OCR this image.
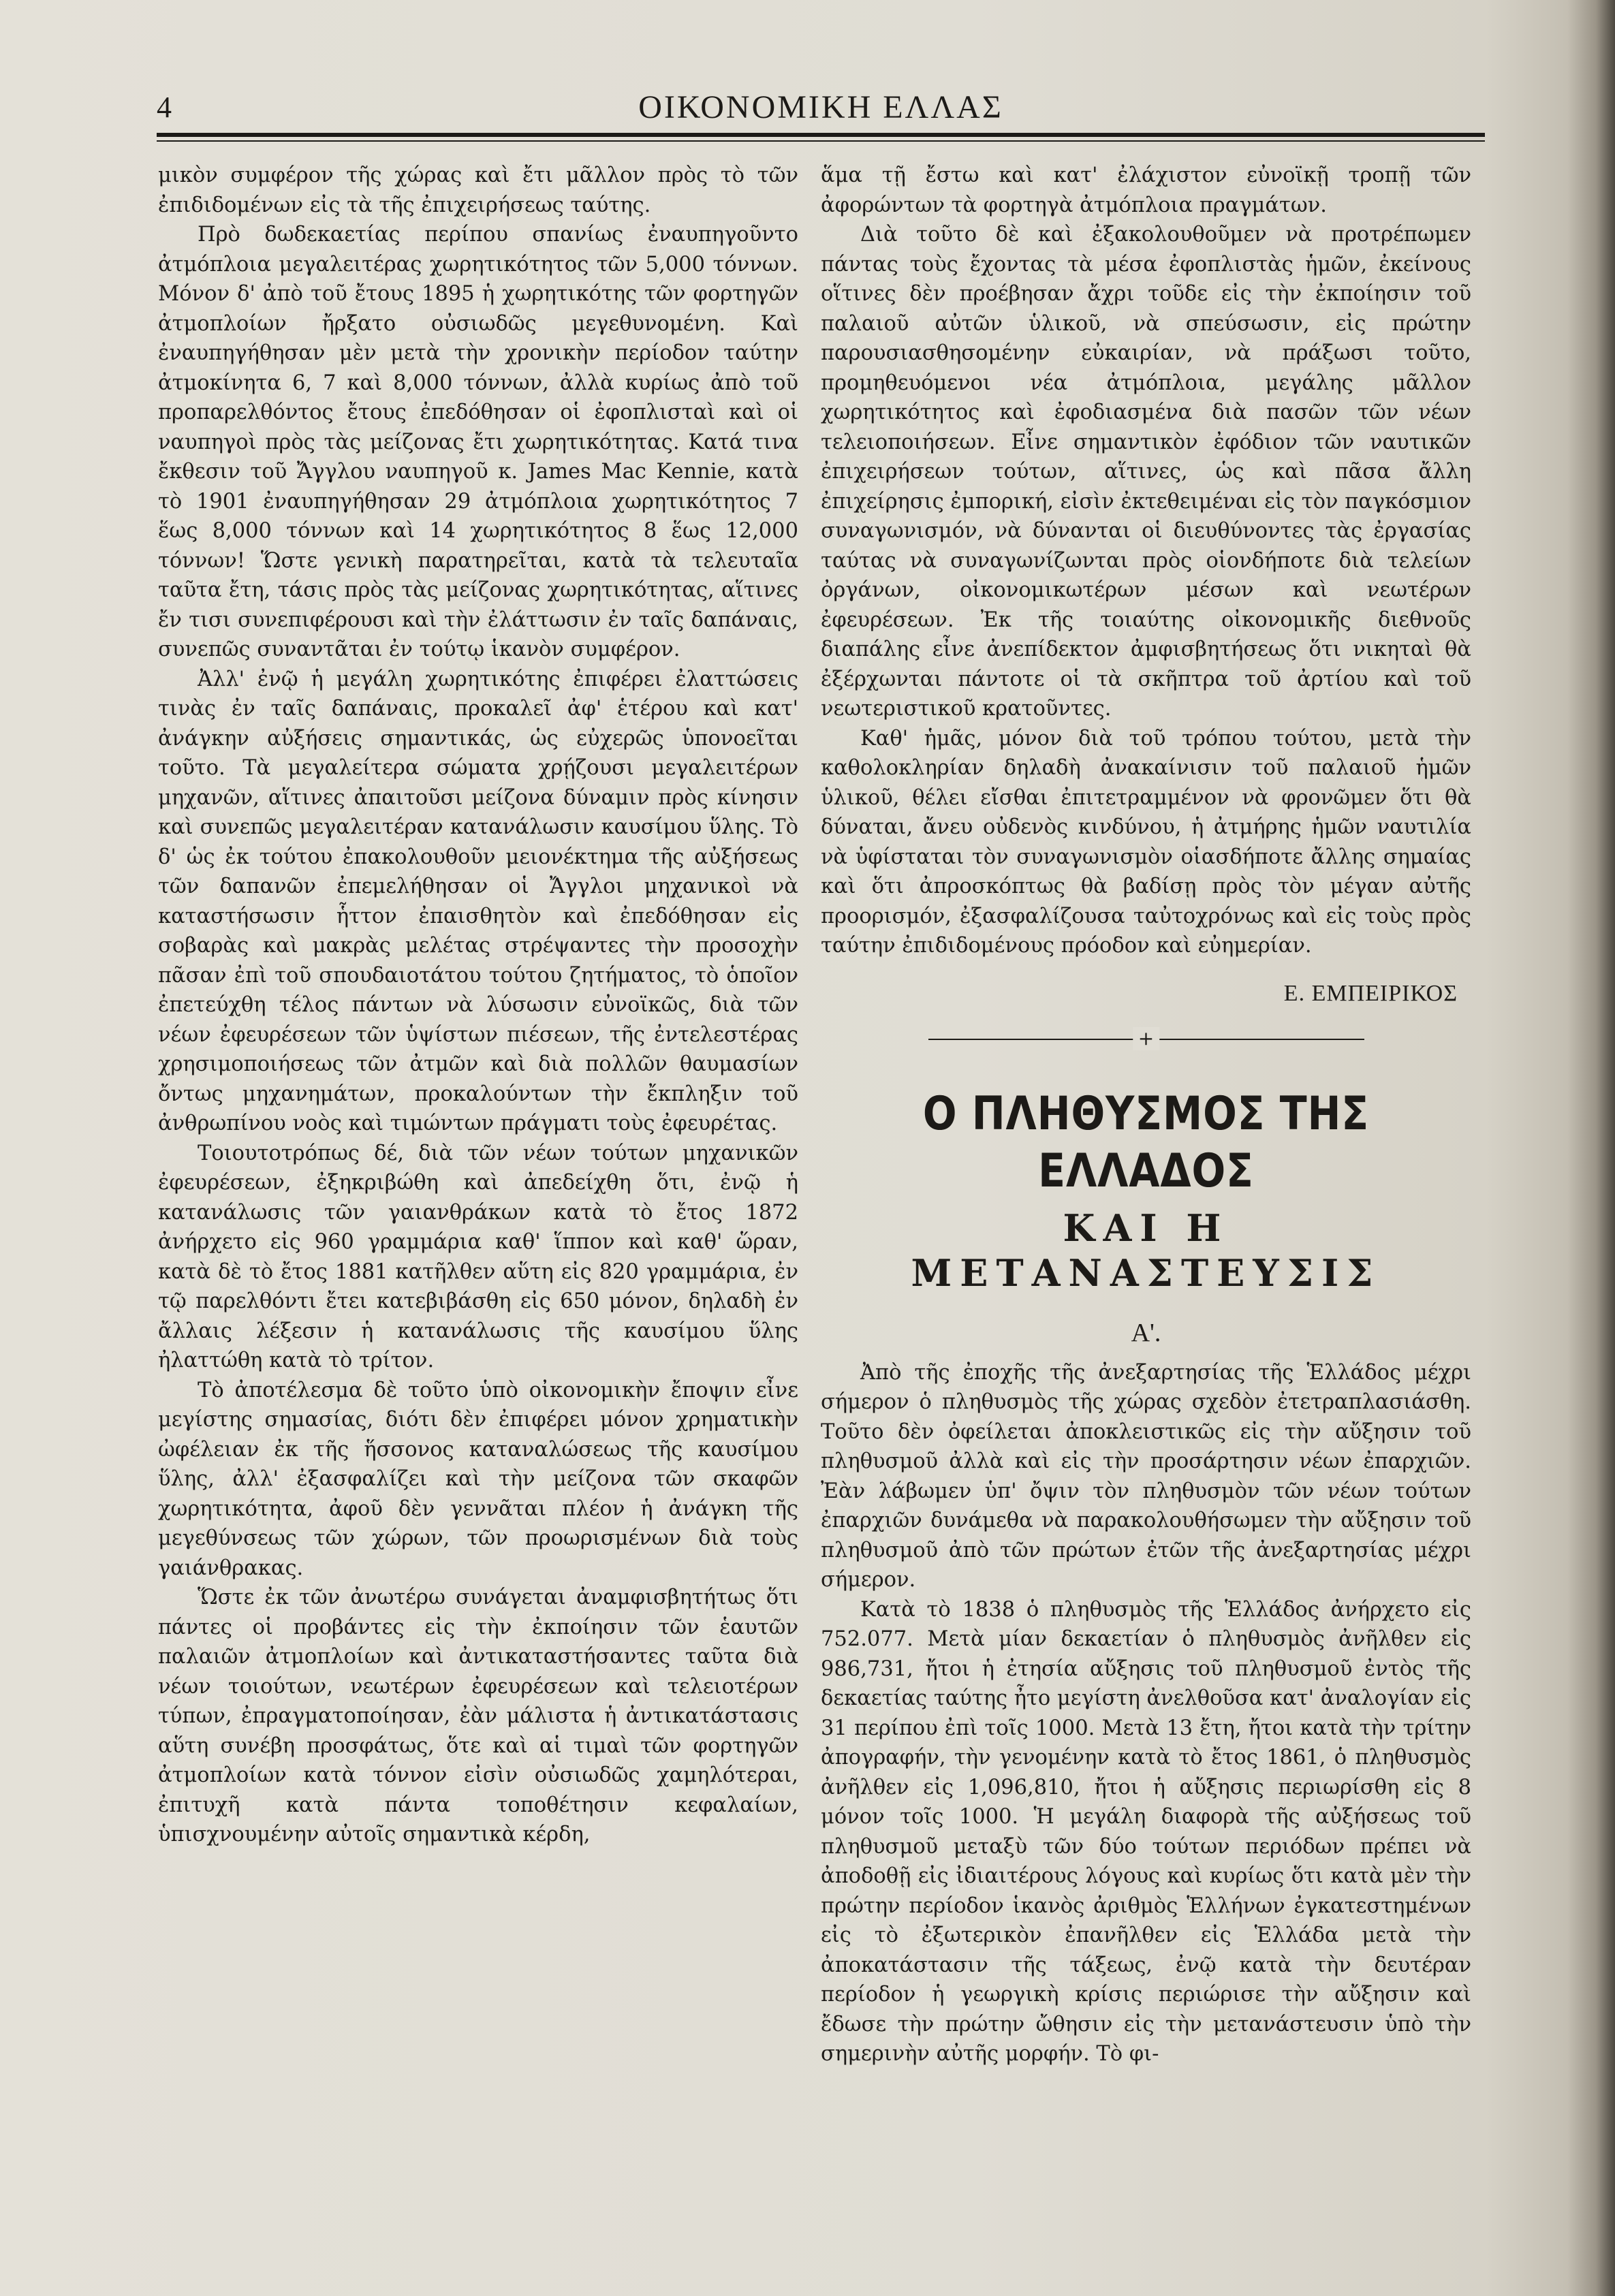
4	ΟΙΚΟΝΟΜΙΚΗ ΕΛΛΑΣ

μικὸν συμφέρον τῆς χώρας καὶ ἔτι μᾶλλον πρὸς τὸ τῶν ἐπιδιδομένων εἰς τὰ τῆς ἐπιχειρήσεως ταύτης.

Πρὸ δωδεκαετίας περίπου σπανίως ἐναυπηγοῦντο ἀτμόπλοια μεγαλειτέρας χωρητικότητος τῶν 5,000 τόννων. Μόνον δ' ἀπὸ τοῦ ἔτους 1895 ἡ χωρητικότης τῶν φορτηγῶν ἀτμοπλοίων ἤρξατο οὐσιωδῶς μεγεθυνομένη. Καὶ ἐναυπηγήθησαν μὲν μετὰ τὴν χρονικὴν περίοδον ταύτην ἀτμοκίνητα 6, 7 καὶ 8,000 τόννων, ἀλλὰ κυρίως ἀπὸ τοῦ προπαρελθόντος ἔτους ἐπεδόθησαν οἱ ἐφοπλισταὶ καὶ οἱ ναυπηγοὶ πρὸς τὰς μείζονας ἔτι χωρητικότητας. Κατά τινα ἔκθεσιν τοῦ Ἄγγλου ναυπηγοῦ κ. James Mac Kennie, κατὰ τὸ 1901 ἐναυπηγήθησαν 29 ἀτμόπλοια χωρητικότητος 7 ἕως 8,000 τόννων καὶ 14 χωρητικότητος 8 ἕως 12,000 τόννων! Ὥστε γενικὴ παρατηρεῖται, κατὰ τὰ τελευταῖα ταῦτα ἔτη, τάσις πρὸς τὰς μείζονας χωρητικότητας, αἵτινες ἔν τισι συνεπιφέρουσι καὶ τὴν ἐλάττωσιν ἐν ταῖς δαπάναις, συνεπῶς συναντᾶται ἐν τούτῳ ἱκανὸν συμφέρον.

Ἀλλ' ἐνῷ ἡ μεγάλη χωρητικότης ἐπιφέρει ἐλαττώσεις τινὰς ἐν ταῖς δαπάναις, προκαλεῖ ἀφ' ἑτέρου καὶ κατ' ἀνάγκην αὐξήσεις σημαντικάς, ὡς εὐχερῶς ὑπονοεῖται τοῦτο. Τὰ μεγαλείτερα σώματα χρῄζουσι μεγαλειτέρων μηχανῶν, αἵτινες ἀπαιτοῦσι μείζονα δύναμιν πρὸς κίνησιν καὶ συνεπῶς μεγαλειτέραν κατανάλωσιν καυσίμου ὕλης. Τὸ δ' ὡς ἐκ τούτου ἐπακολουθοῦν μειονέκτημα τῆς αὐξήσεως τῶν δαπανῶν ἐπεμελήθησαν οἱ Ἄγγλοι μηχανικοὶ νὰ καταστήσωσιν ἧττον ἐπαισθητὸν καὶ ἐπεδόθησαν εἰς σοβαρὰς καὶ μακρὰς μελέτας στρέψαντες τὴν προσοχὴν πᾶσαν ἐπὶ τοῦ σπουδαιοτάτου τούτου ζητήματος, τὸ ὁποῖον ἐπετεύχθη τέλος πάντων νὰ λύσωσιν εὐνοϊκῶς, διὰ τῶν νέων ἐφευρέσεων τῶν ὑψίστων πιέσεων, τῆς ἐντελεστέρας χρησιμοποιήσεως τῶν ἀτμῶν καὶ διὰ πολλῶν θαυμασίων ὄντως μηχανημάτων, προκαλούντων τὴν ἔκπληξιν τοῦ ἀνθρωπίνου νοὸς καὶ τιμώντων πράγματι τοὺς ἐφευρέτας.

Τοιουτοτρόπως δέ, διὰ τῶν νέων τούτων μηχανικῶν ἐφευρέσεων, ἐξηκριβώθη καὶ ἀπεδείχθη ὅτι, ἐνῷ ἡ κατανάλωσις τῶν γαιανθράκων κατὰ τὸ ἔτος 1872 ἀνήρχετο εἰς 960 γραμμάρια καθ' ἵππον καὶ καθ' ὥραν, κατὰ δὲ τὸ ἔτος 1881 κατῆλθεν αὕτη εἰς 820 γραμμάρια, ἐν τῷ παρελθόντι ἔτει κατεβιβάσθη εἰς 650 μόνον, δηλαδὴ ἐν ἄλλαις λέξεσιν ἡ κατανάλωσις τῆς καυσίμου ὕλης ἠλαττώθη κατὰ τὸ τρίτον.

Τὸ ἀποτέλεσμα δὲ τοῦτο ὑπὸ οἰκονομικὴν ἔποψιν εἶνε μεγίστης σημασίας, διότι δὲν ἐπιφέρει μόνον χρηματικὴν ὠφέλειαν ἐκ τῆς ἥσσονος καταναλώσεως τῆς καυσίμου ὕλης, ἀλλ' ἐξασφαλίζει καὶ τὴν μείζονα τῶν σκαφῶν χωρητικότητα, ἀφοῦ δὲν γεννᾶται πλέον ἡ ἀνάγκη τῆς μεγεθύνσεως τῶν χώρων, τῶν προωρισμένων διὰ τοὺς γαιάνθρακας.

Ὥστε ἐκ τῶν ἀνωτέρω συνάγεται ἀναμφισβητήτως ὅτι πάντες οἱ προβάντες εἰς τὴν ἐκποίησιν τῶν ἑαυτῶν παλαιῶν ἀτμοπλοίων καὶ ἀντικαταστήσαντες ταῦτα διὰ νέων τοιούτων, νεωτέρων ἐφευρέσεων καὶ τελειοτέρων τύπων, ἐπραγματοποίησαν, ἐὰν μάλιστα ἡ ἀντικατάστασις αὕτη συνέβη προσφάτως, ὅτε καὶ αἱ τιμαὶ τῶν φορτηγῶν ἀτμοπλοίων κατὰ τόννον εἰσὶν οὐσιωδῶς χαμηλότεραι, ἐπιτυχῆ κατὰ πάντα τοποθέτησιν κεφαλαίων, ὑπισχνουμένην αὐτοῖς σημαντικὰ κέρδη,

ἅμα τῇ ἔστω καὶ κατ' ἐλάχιστον εὐνοϊκῇ τροπῇ τῶν ἀφορώντων τὰ φορτηγὰ ἀτμόπλοια πραγμάτων.

Διὰ τοῦτο δὲ καὶ ἐξακολουθοῦμεν νὰ προτρέπωμεν πάντας τοὺς ἔχοντας τὰ μέσα ἐφοπλιστὰς ἡμῶν, ἐκείνους οἵτινες δὲν προέβησαν ἄχρι τοῦδε εἰς τὴν ἐκποίησιν τοῦ παλαιοῦ αὐτῶν ὑλικοῦ, νὰ σπεύσωσιν, εἰς πρώτην παρουσιασθησομένην εὐκαιρίαν, νὰ πράξωσι τοῦτο, προμηθευόμενοι νέα ἀτμόπλοια, μεγάλης μᾶλλον χωρητικότητος καὶ ἐφοδιασμένα διὰ πασῶν τῶν νέων τελειοποιήσεων. Εἶνε σημαντικὸν ἐφόδιον τῶν ναυτικῶν ἐπιχειρήσεων τούτων, αἵτινες, ὡς καὶ πᾶσα ἄλλη ἐπιχείρησις ἐμπορική, εἰσὶν ἐκτεθειμέναι εἰς τὸν παγκόσμιον συναγωνισμόν, νὰ δύνανται οἱ διευθύνοντες τὰς ἐργασίας ταύτας νὰ συναγωνίζωνται πρὸς οἱονδήποτε διὰ τελείων ὀργάνων, οἰκονομικωτέρων μέσων καὶ νεωτέρων ἐφευρέσεων. Ἐκ τῆς τοιαύτης οἰκονομικῆς διεθνοῦς διαπάλης εἶνε ἀνεπίδεκτον ἀμφισβητήσεως ὅτι νικηταὶ θὰ ἐξέρχωνται πάντοτε οἱ τὰ σκῆπτρα τοῦ ἀρτίου καὶ τοῦ νεωτεριστικοῦ κρατοῦντες.

Καθ' ἡμᾶς, μόνον διὰ τοῦ τρόπου τούτου, μετὰ τὴν καθολοκληρίαν δηλαδὴ ἀνακαίνισιν τοῦ παλαιοῦ ἡμῶν ὑλικοῦ, θέλει εἴσθαι ἐπιτετραμμένον νὰ φρονῶμεν ὅτι θὰ δύναται, ἄνευ οὐδενὸς κινδύνου, ἡ ἀτμήρης ἡμῶν ναυτιλία νὰ ὑφίσταται τὸν συναγωνισμὸν οἱασδήποτε ἄλλης σημαίας καὶ ὅτι ἀπροσκόπτως θὰ βαδίσῃ πρὸς τὸν μέγαν αὐτῆς προορισμόν, ἐξασφαλίζουσα ταὐτοχρόνως καὶ εἰς τοὺς πρὸς ταύτην ἐπιδιδομένους πρόοδον καὶ εὐημερίαν.

Ε. ΕΜΠΕΙΡΙΚΟΣ
+
Ο ΠΛΗΘΥΣΜΟΣ ΤΗΣ ΕΛΛΑΔΟΣ
ΚΑΙ Η ΜΕΤΑΝΑΣΤΕΥΣΙΣ
Α'.

Ἀπὸ τῆς ἐποχῆς τῆς ἀνεξαρτησίας τῆς Ἑλλάδος μέχρι σήμερον ὁ πληθυσμὸς τῆς χώρας σχεδὸν ἐτετραπλασιάσθη. Τοῦτο δὲν ὀφείλεται ἀποκλειστικῶς εἰς τὴν αὔξησιν τοῦ πληθυσμοῦ ἀλλὰ καὶ εἰς τὴν προσάρτησιν νέων ἐπαρχιῶν. Ἐὰν λάβωμεν ὑπ' ὄψιν τὸν πληθυσμὸν τῶν νέων τούτων ἐπαρχιῶν δυνάμεθα νὰ παρακολουθήσωμεν τὴν αὔξησιν τοῦ πληθυσμοῦ ἀπὸ τῶν πρώτων ἐτῶν τῆς ἀνεξαρτησίας μέχρι σήμερον.

Κατὰ τὸ 1838 ὁ πληθυσμὸς τῆς Ἑλλάδος ἀνήρχετο εἰς 752.077. Μετὰ μίαν δεκαετίαν ὁ πληθυσμὸς ἀνῆλθεν εἰς 986,731, ἤτοι ἡ ἐτησία αὔξησις τοῦ πληθυσμοῦ ἐντὸς τῆς δεκαετίας ταύτης ἦτο μεγίστη ἀνελθοῦσα κατ' ἀναλογίαν εἰς 31 περίπου ἐπὶ τοῖς 1000. Μετὰ 13 ἔτη, ἤτοι κατὰ τὴν τρίτην ἀπογραφήν, τὴν γενομένην κατὰ τὸ ἔτος 1861, ὁ πληθυσμὸς ἀνῆλθεν εἰς 1,096,810, ἤτοι ἡ αὔξησις περιωρίσθη εἰς 8 μόνον τοῖς 1000. Ἡ μεγάλη διαφορὰ τῆς αὐξήσεως τοῦ πληθυσμοῦ μεταξὺ τῶν δύο τούτων περιόδων πρέπει νὰ ἀποδοθῇ εἰς ἰδιαιτέρους λόγους καὶ κυρίως ὅτι κατὰ μὲν τὴν πρώτην περίοδον ἱκανὸς ἀριθμὸς Ἑλλήνων ἐγκατεστημένων εἰς τὸ ἐξωτερικὸν ἐπανῆλθεν εἰς Ἑλλάδα μετὰ τὴν ἀποκατάστασιν τῆς τάξεως, ἐνῷ κατὰ τὴν δευτέραν περίοδον ἡ γεωργικὴ κρίσις περιώρισε τὴν αὔξησιν καὶ ἔδωσε τὴν πρώτην ὤθησιν εἰς τὴν μετανάστευσιν ὑπὸ τὴν σημερινὴν αὐτῆς μορφήν. Τὸ φι-
